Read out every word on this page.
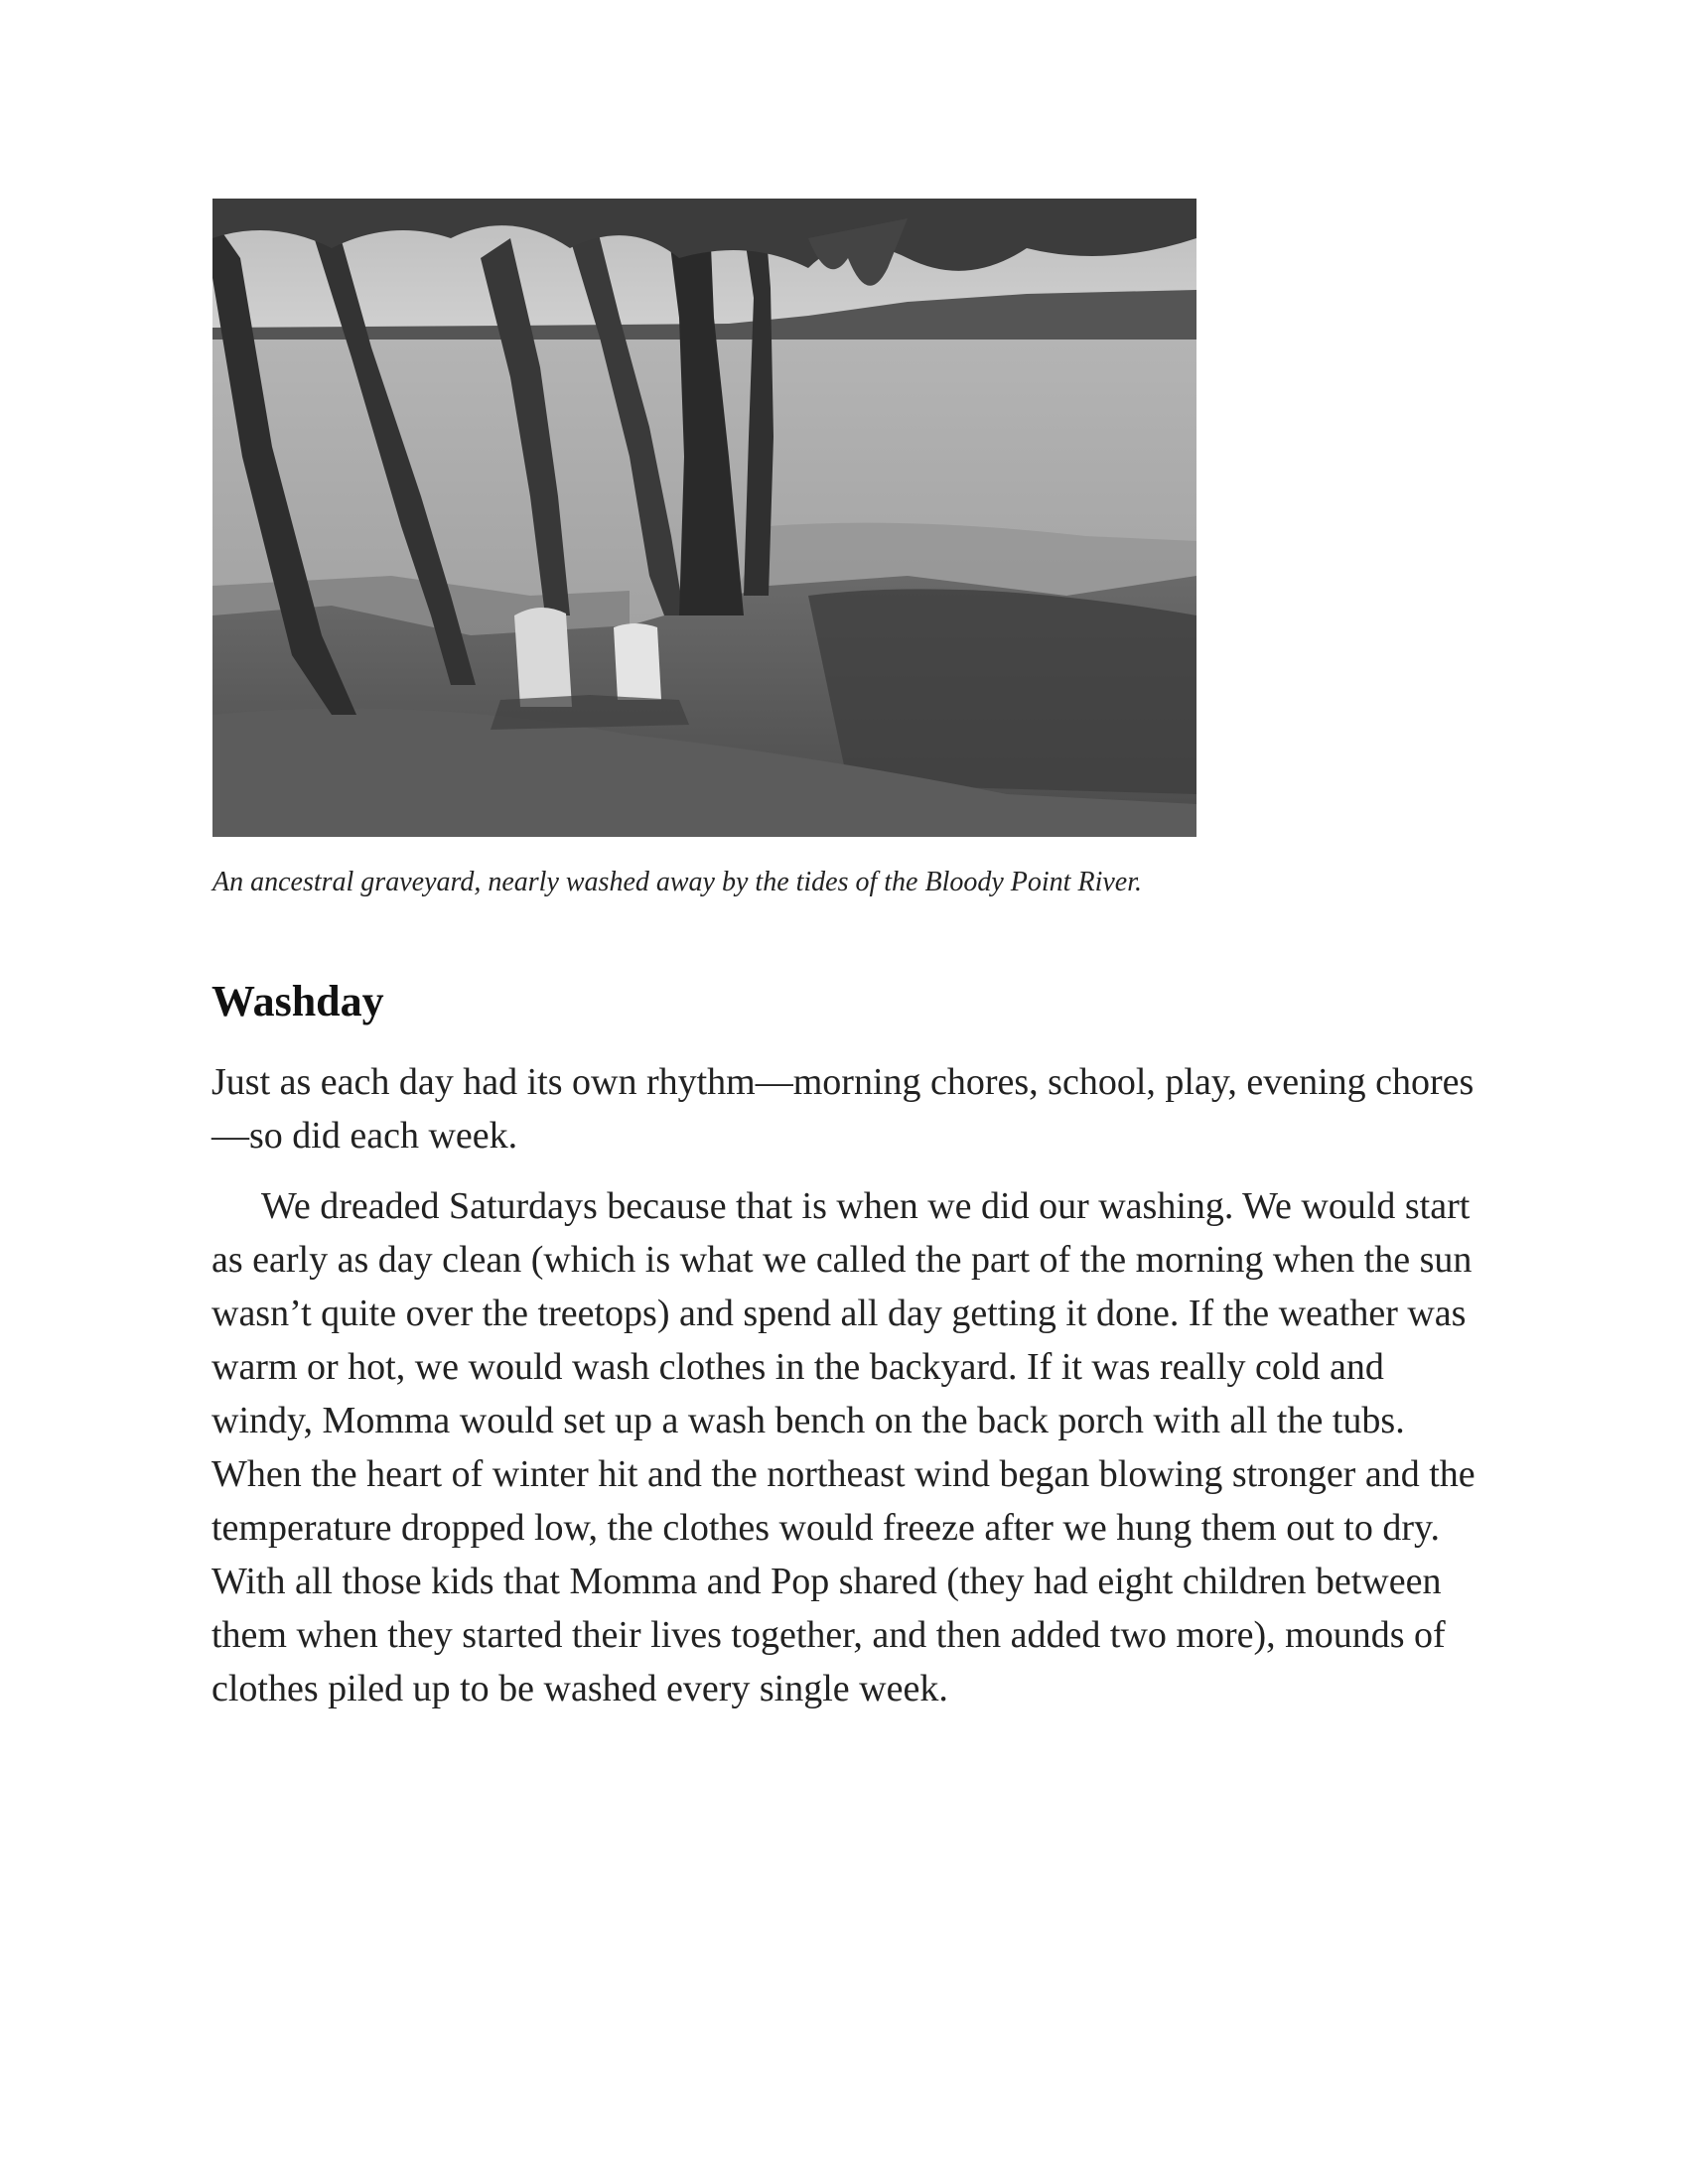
An ancestral graveyard, nearly washed away by the tides of the Bloody Point River.
Washday

Just as each day had its own rhythm—morning chores, school, play, evening chores—so did each week.

We dreaded Saturdays because that is when we did our washing. We would start as early as day clean (which is what we called the part of the morning when the sun wasn’t quite over the treetops) and spend all day getting it done. If the weather was warm or hot, we would wash clothes in the backyard. If it was really cold and windy, Momma would set up a wash bench on the back porch with all the tubs. When the heart of winter hit and the northeast wind began blowing stronger and the temperature dropped low, the clothes would freeze after we hung them out to dry. With all those kids that Momma and Pop shared (they had eight children between them when they started their lives together, and then added two more), mounds of clothes piled up to be washed every single week.
